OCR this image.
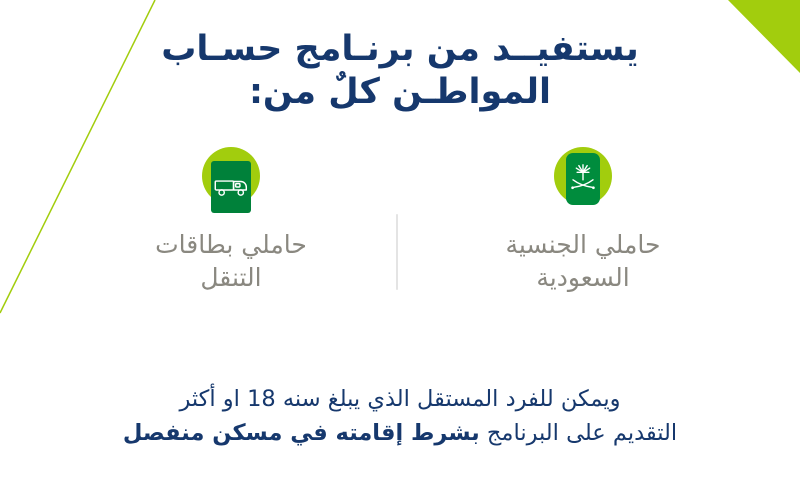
يستفيــد من برنـامج حسـاب
المواطـن كلٌ من:
حاملي الجنسية
السعودية
حاملي بطاقات
التنقل
ويمكن للفرد المستقل الذي يبلغ سنه 18 او أكثر
التقديم على البرنامج بشرط إقامته في مسكن منفصل
